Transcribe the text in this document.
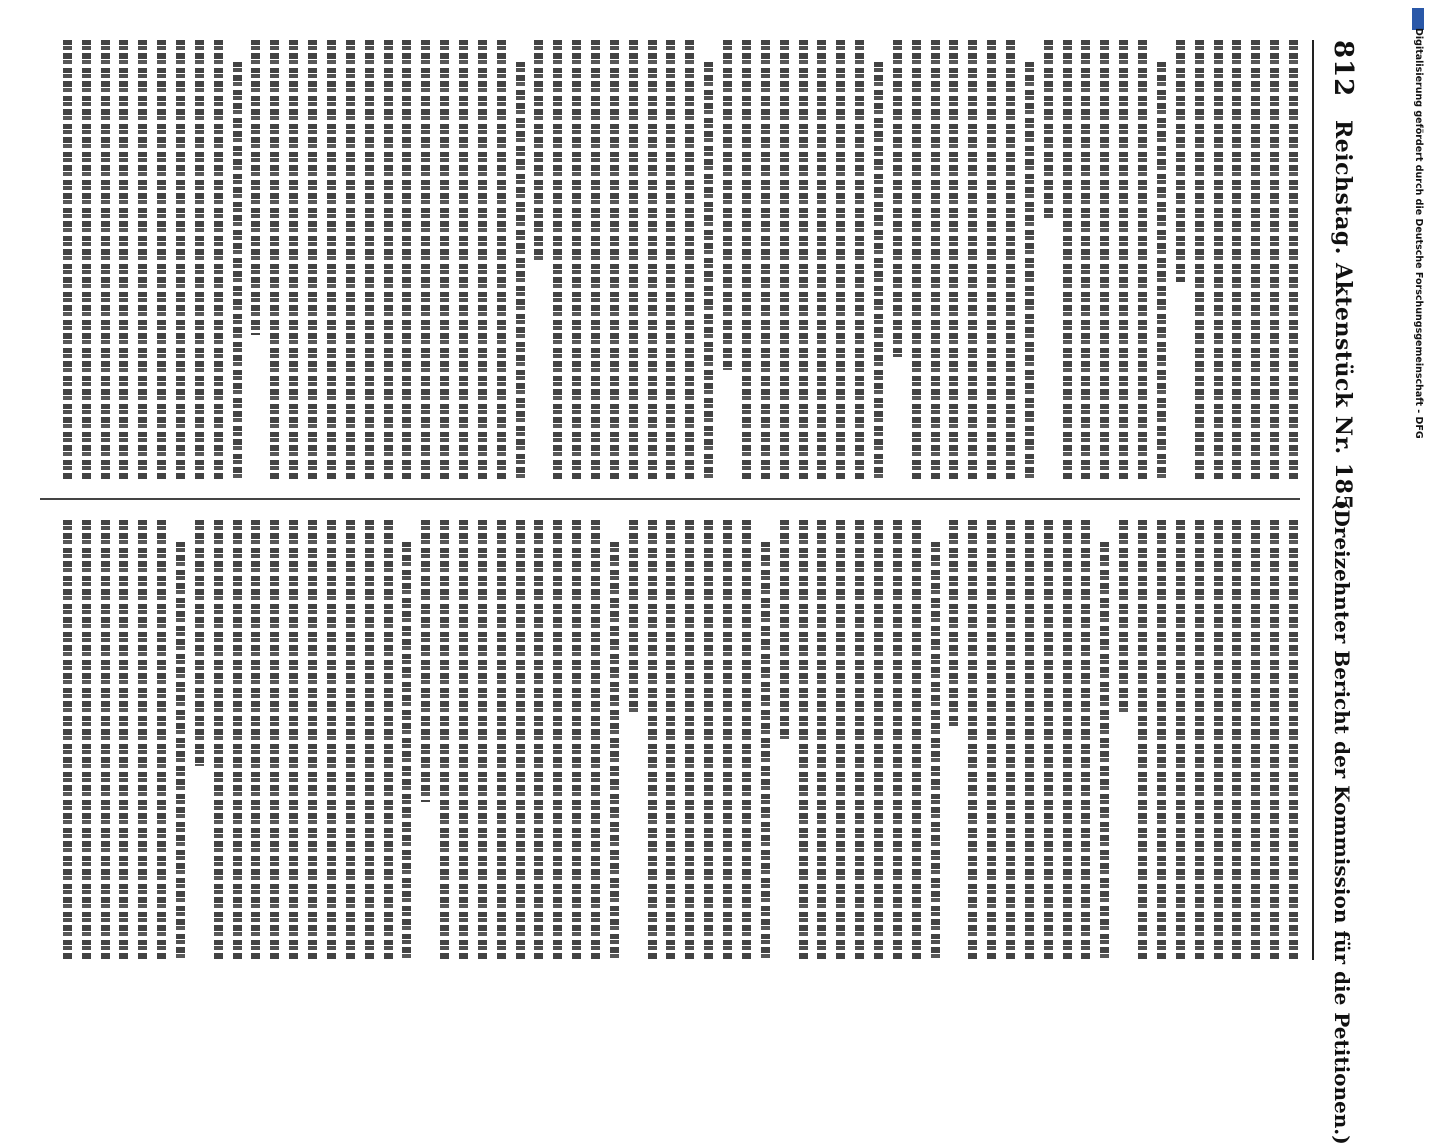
812
Reichstag. Aktenstück Nr. 185.
(Dreizehnter Bericht der Kommission für die Petitionen.)
Digitalisierung gefördert durch die Deutsche Forschungsgemeinschaft - DFG
